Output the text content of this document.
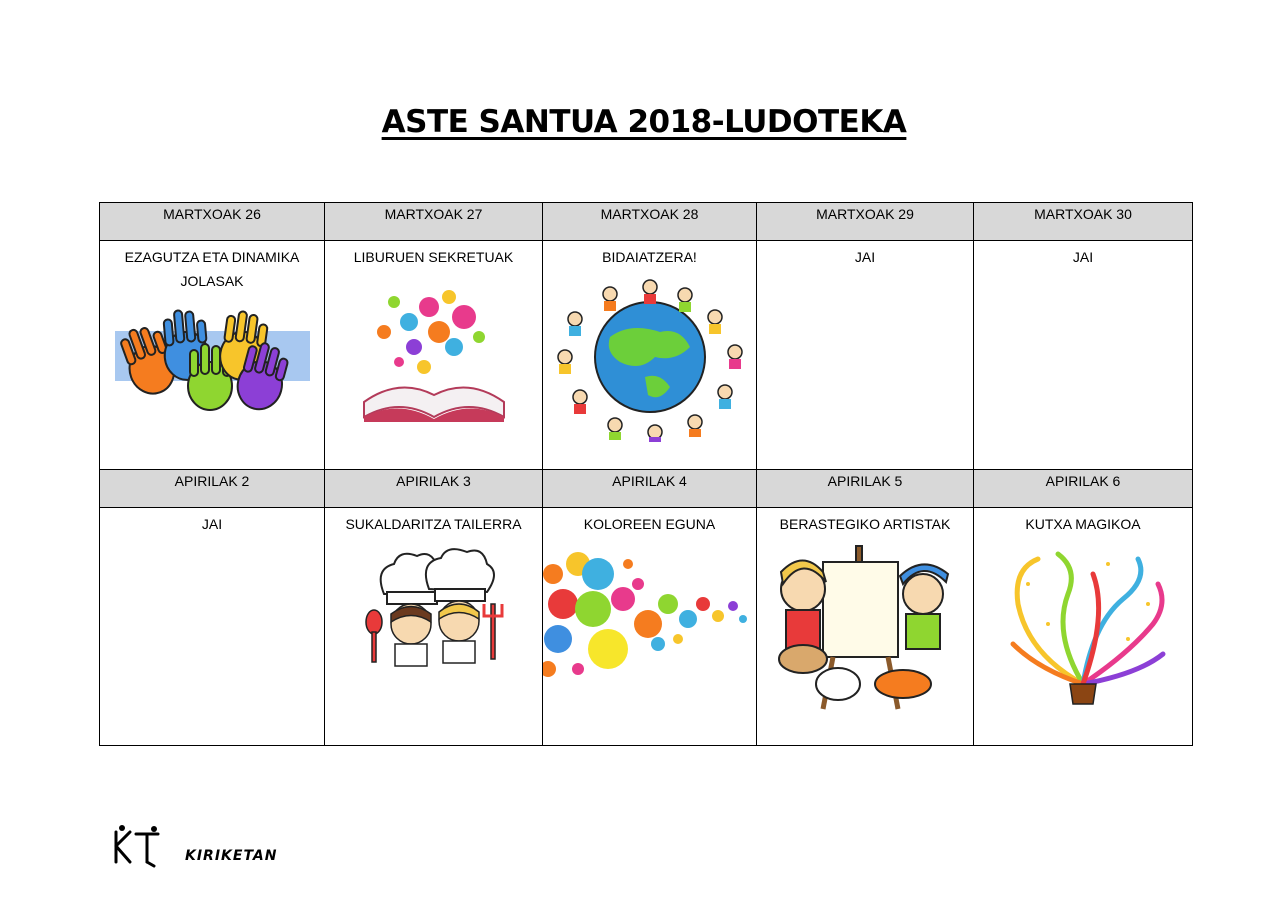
ASTE SANTUA 2018-LUDOTEKA
MARTXOAK 26	MARTXOAK 27	MARTXOAK 28	MARTXOAK 29	MARTXOAK 30

EZAGUTZA ETA DINAMIKA JOLASAK	LIBURUEN SEKRETUAK	BIDAIATZERA!	JAI	JAI

APIRILAK 2	APIRILAK 3	APIRILAK 4	APIRILAK 5	APIRILAK 6

JAI	SUKALDARITZA TAILERRA	KOLOREEN EGUNA	BERASTEGIKO ARTISTAK	KUTXA MAGIKOA
KIRIKETAN
